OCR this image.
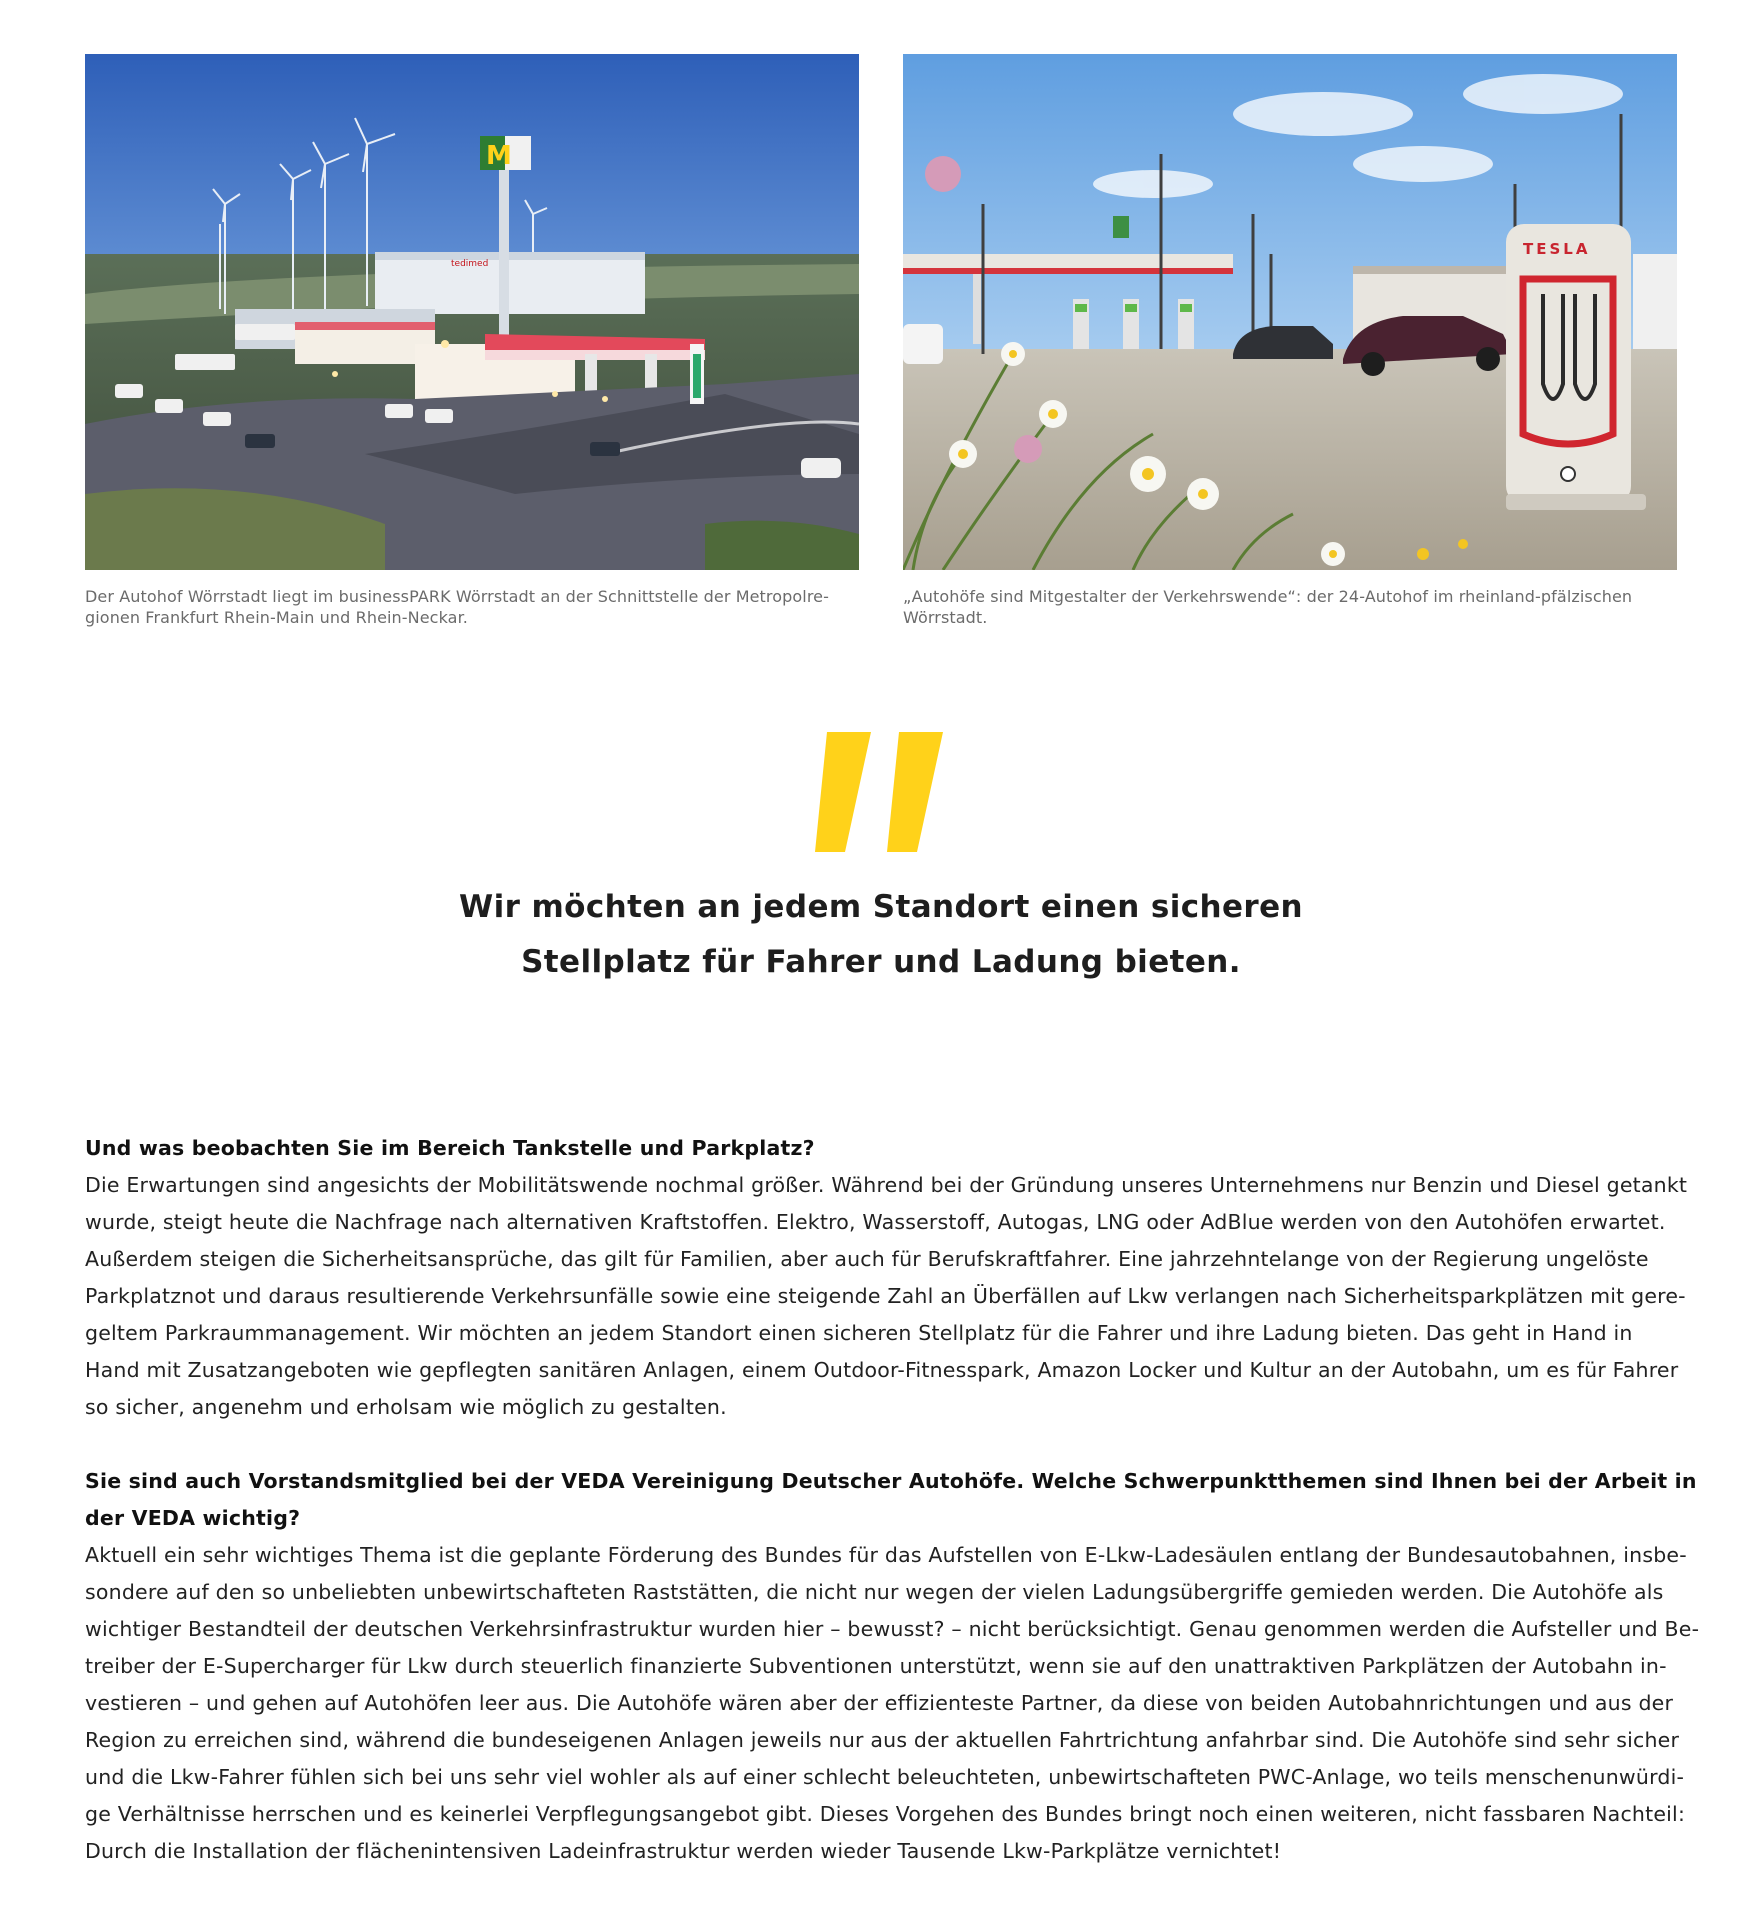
tedimed
M
Der Autohof Wörrstadt liegt im businessPARK Wörrstadt an der Schnittstelle der Metropolre-
gionen Frankfurt Rhein-Main und Rhein-Neckar.
TESLA
„Autohöfe sind Mitgestalter der Verkehrswende“: der 24-Autohof im rheinland-pfälzischen
Wörrstadt.
Wir möchten an jedem Standort einen sicheren
Stellplatz für Fahrer und Ladung bieten.
Und was beobachten Sie im Bereich Tankstelle und Parkplatz?
Die Erwartungen sind angesichts der Mobilitätswende nochmal größer. Während bei der Gründung unseres Unternehmens nur Benzin und Diesel getankt
wurde, steigt heute die Nachfrage nach alternativen Kraftstoffen. Elektro, Wasserstoff, Autogas, LNG oder AdBlue werden von den Autohöfen erwartet.
Außerdem steigen die Sicherheitsansprüche, das gilt für Familien, aber auch für Berufskraftfahrer. Eine jahrzehntelange von der Regierung ungelöste
Parkplatznot und daraus resultierende Verkehrsunfälle sowie eine steigende Zahl an Überfällen auf Lkw verlangen nach Sicherheitsparkplätzen mit gere-
geltem Parkraummanagement. Wir möchten an jedem Standort einen sicheren Stellplatz für die Fahrer und ihre Ladung bieten. Das geht in Hand in
Hand mit Zusatzangeboten wie gepflegten sanitären Anlagen, einem Outdoor-Fitnesspark, Amazon Locker und Kultur an der Autobahn, um es für Fahrer
so sicher, angenehm und erholsam wie möglich zu gestalten.
Sie sind auch Vorstandsmitglied bei der VEDA Vereinigung Deutscher Autohöfe. Welche Schwerpunktthemen sind Ihnen bei der Arbeit in
der VEDA wichtig?
Aktuell ein sehr wichtiges Thema ist die geplante Förderung des Bundes für das Aufstellen von E-Lkw-Ladesäulen entlang der Bundesautobahnen, insbe-
sondere auf den so unbeliebten unbewirtschafteten Raststätten, die nicht nur wegen der vielen Ladungsübergriffe gemieden werden. Die Autohöfe als
wichtiger Bestandteil der deutschen Verkehrsinfrastruktur wurden hier – bewusst? – nicht berücksichtigt. Genau genommen werden die Aufsteller und Be-
treiber der E-Supercharger für Lkw durch steuerlich finanzierte Subventionen unterstützt, wenn sie auf den unattraktiven Parkplätzen der Autobahn in-
vestieren – und gehen auf Autohöfen leer aus. Die Autohöfe wären aber der effizienteste Partner, da diese von beiden Autobahnrichtungen und aus der
Region zu erreichen sind, während die bundeseigenen Anlagen jeweils nur aus der aktuellen Fahrtrichtung anfahrbar sind. Die Autohöfe sind sehr sicher
und die Lkw-Fahrer fühlen sich bei uns sehr viel wohler als auf einer schlecht beleuchteten, unbewirtschafteten PWC-Anlage, wo teils menschenunwürdi-
ge Verhältnisse herrschen und es keinerlei Verpflegungsangebot gibt. Dieses Vorgehen des Bundes bringt noch einen weiteren, nicht fassbaren Nachteil:
Durch die Installation der flächenintensiven Ladeinfrastruktur werden wieder Tausende Lkw-Parkplätze vernichtet!
